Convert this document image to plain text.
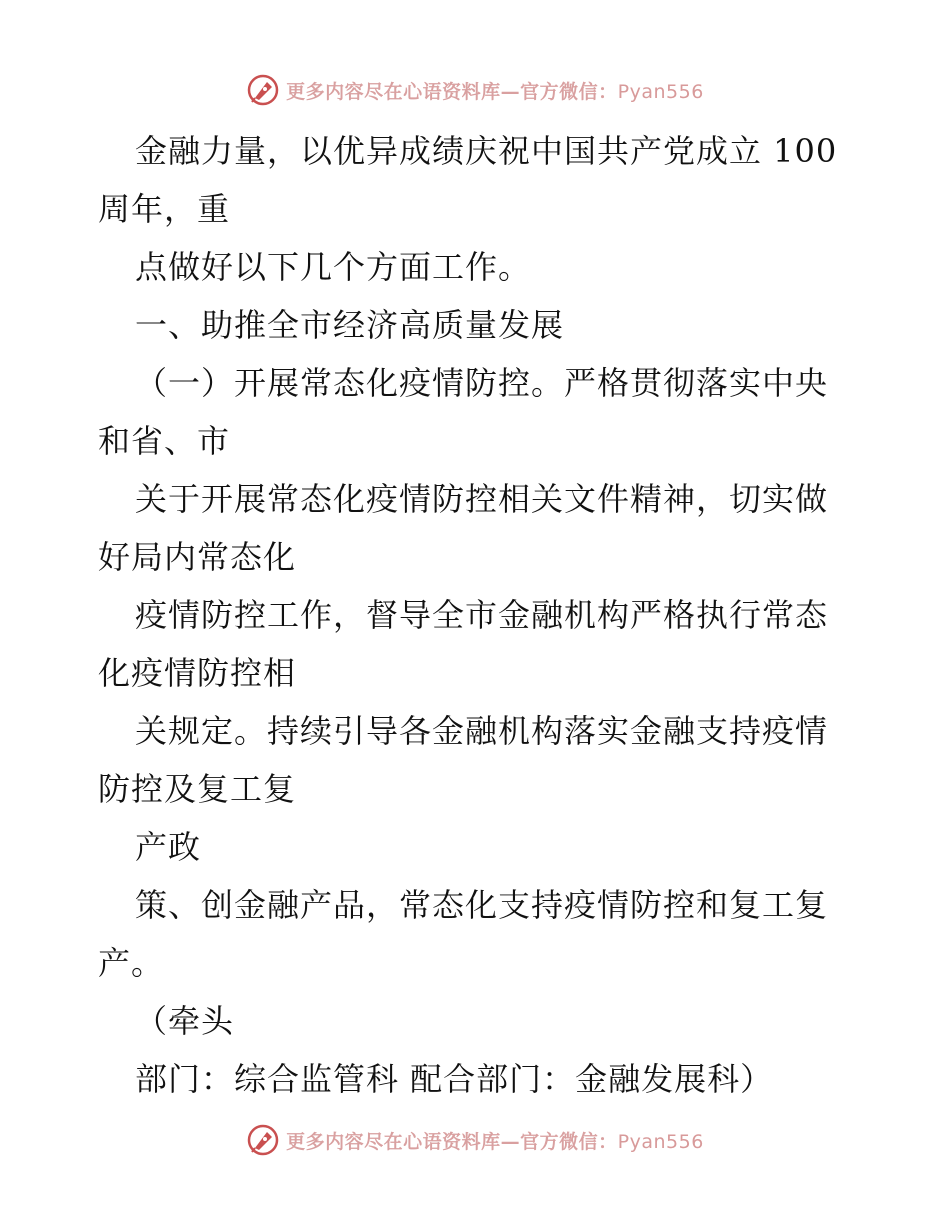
更多内容尽在心语资料库—官方微信：Pyan556

金融力量，以优异成绩庆祝中国共产党成立 100 周年，重

点做好以下几个方面工作。

一、助推全市经济高质量发展

（一）开展常态化疫情防控。严格贯彻落实中央和省、市

关于开展常态化疫情防控相关文件精神，切实做好局内常态化

疫情防控工作，督导全市金融机构严格执行常态化疫情防控相

关规定。持续引导各金融机构落实金融支持疫情防控及复工复

产政

策、创金融产品，常态化支持疫情防控和复工复产。

（牵头

部门：综合监管科 配合部门：金融发展科）

更多内容尽在心语资料库—官方微信：Pyan556
